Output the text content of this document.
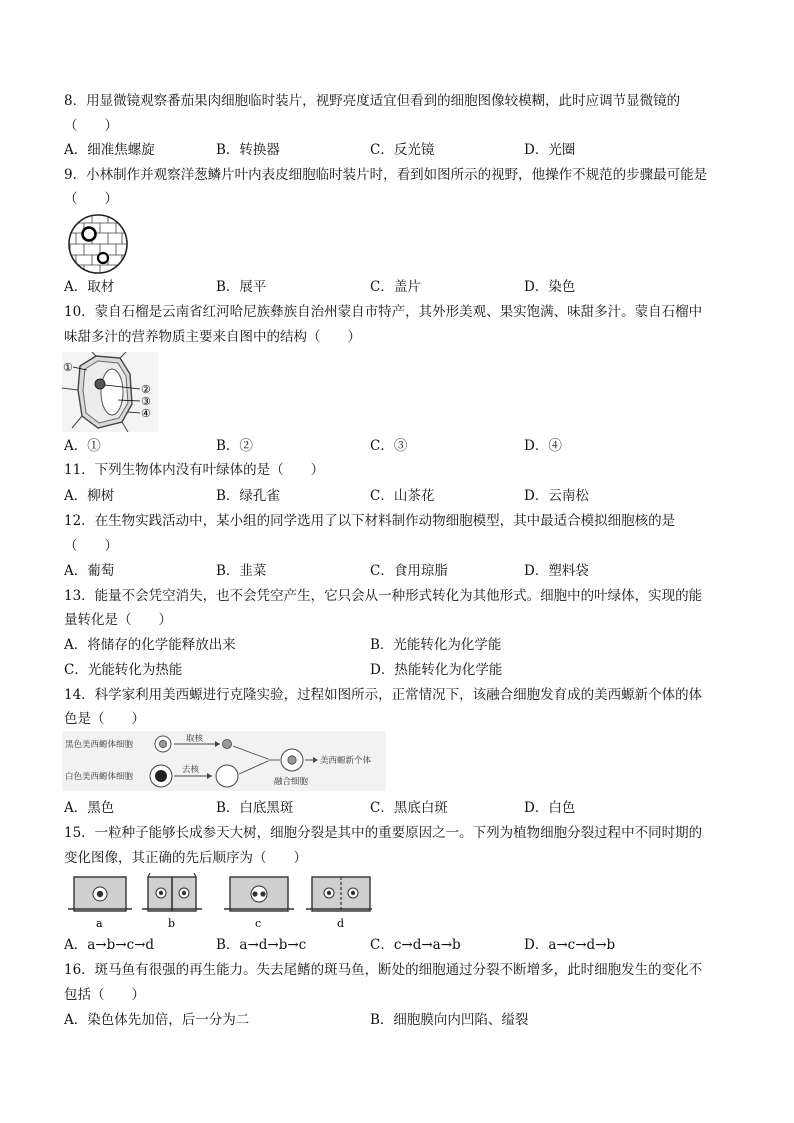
8．用显微镜观察番茄果肉细胞临时装片，视野亮度适宜但看到的细胞图像较模糊，此时应调节显微镜的
（　　）
A．细准焦螺旋	B．转换器	C．反光镜	D．光圈
9．小林制作并观察洋葱鳞片叶内表皮细胞临时装片时，看到如图所示的视野，他操作不规范的步骤最可能是
（　　）
A．取材	B．展平	C．盖片	D．染色
10．蒙自石榴是云南省红河哈尼族彝族自治州蒙自市特产，其外形美观、果实饱满、味甜多汁。蒙自石榴中
味甜多汁的营养物质主要来自图中的结构（　　）
①
②
③
④
A．①	B．②	C．③	D．④
11．下列生物体内没有叶绿体的是（　　）
A．柳树	B．绿孔雀	C．山茶花	D．云南松
12．在生物实践活动中，某小组的同学选用了以下材料制作动物细胞模型，其中最适合模拟细胞核的是
（　　）
A．葡萄	B．韭菜	C．食用琼脂	D．塑料袋
13．能量不会凭空消失，也不会凭空产生，它只会从一种形式转化为其他形式。细胞中的叶绿体，实现的能
量转化是（　　）
A．将储存的化学能释放出来	B．光能转化为化学能
C．光能转化为热能	D．热能转化为化学能
14．科学家利用美西螈进行克隆实验，过程如图所示，正常情况下，该融合细胞发育成的美西螈新个体的体
色是（　　）
黑色美西螈体细胞
取核
白色美西螈体细胞
去核
美西螈新个体
融合细胞
A．黑色	B．白底黑斑	C．黑底白斑	D．白色
15．一粒种子能够长成参天大树，细胞分裂是其中的重要原因之一。下列为植物细胞分裂过程中不同时期的
变化图像，其正确的先后顺序为（　　）
a	b	c	d
A．a→b→c→d	B．a→d→b→c	C．c→d→a→b	D．a→c→d→b
16．斑马鱼有很强的再生能力。失去尾鳍的斑马鱼，断处的细胞通过分裂不断增多，此时细胞发生的变化不
包括（　　）
A．染色体先加倍，后一分为二	B．细胞膜向内凹陷、缢裂
